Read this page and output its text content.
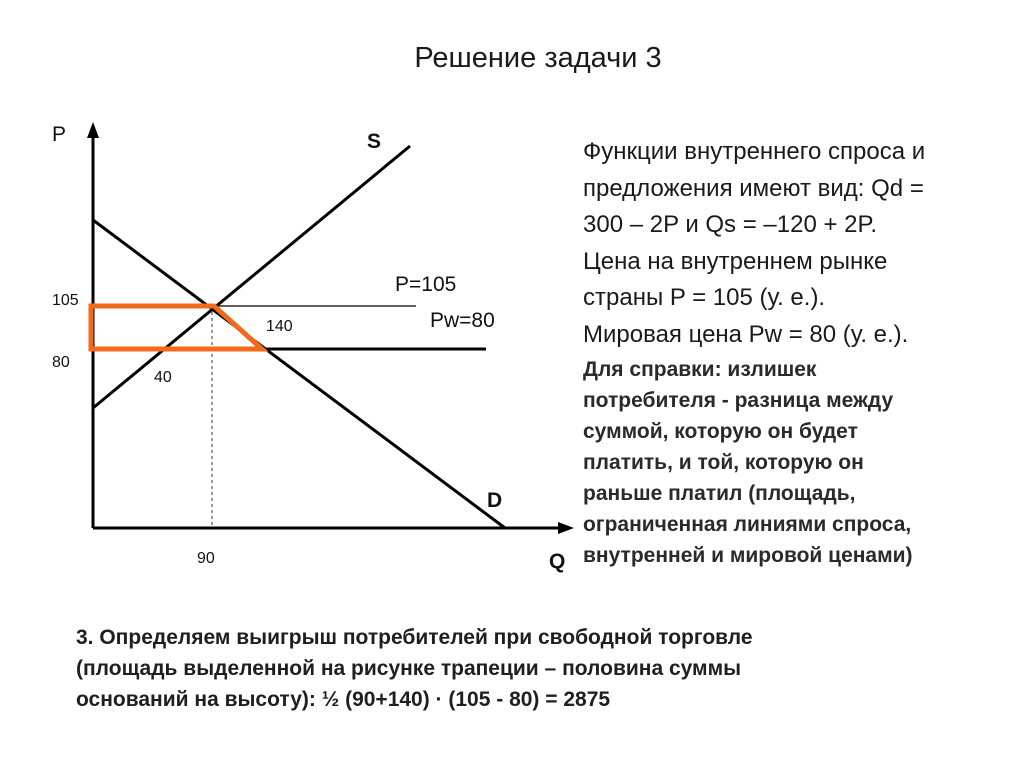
Решение задачи 3
P
Q
S
D
105
80
90
140
40
P=105
Pw=80
Функции внутреннего спроса и
предложения имеют вид: Qd =
300 – 2P и Qs = –120 + 2P.
Цена на внутреннем рынке
страны P = 105 (у. е.).
Мировая цена Pw = 80 (у. е.).
Для справки: излишек
потребителя - разница между
суммой, которую он будет
платить, и той, которую он
раньше платил (площадь,
ограниченная линиями спроса,
внутренней и мировой ценами)
3. Определяем выигрыш потребителей при свободной торговле
(площадь выделенной на рисунке трапеции – половина суммы
оснований на высоту): ½ (90+140) · (105 - 80) = 2875
